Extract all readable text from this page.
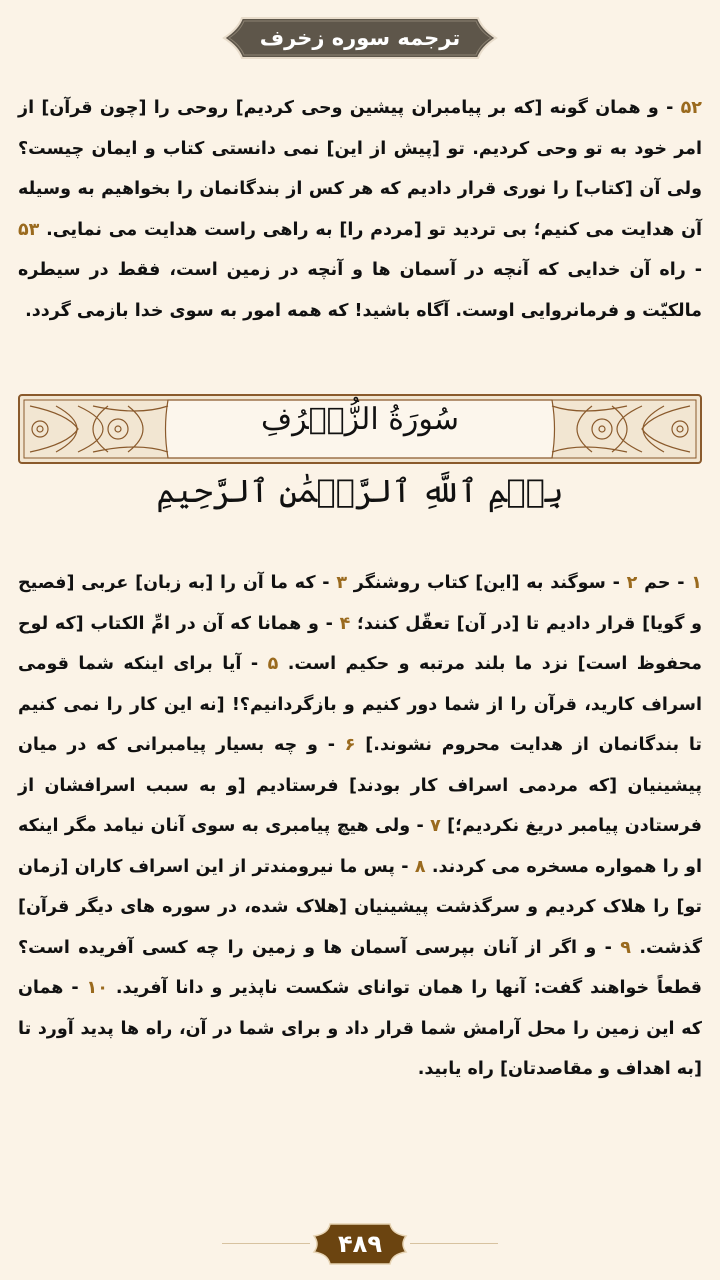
ترجمه سوره زخرف

۵۲ - و همان گونه [که بر پیامبران پیشین وحی کردیم] روحی را [چون قرآن] از امر خود به تو وحی کردیم. تو [پیش از این] نمی دانستی کتاب و ایمان چیست؟ ولی آن [کتاب] را نوری قرار دادیم که هر کس از بندگانمان را بخواهیم به وسیله آن هدایت می کنیم؛ بی تردید تو [مردم را] به راهی راست هدایت می نمایی. ۵۳ - راه آن خدایی که آنچه در آسمان ها و آنچه در زمین است، فقط در سیطره مالکیّت و فرمانروایی اوست. آگاه باشید! که همه امور به سوی خدا بازمی گردد.

سُورَةُ الزُّخۡرُفِ
بِسۡمِ ٱللَّهِ ٱلرَّحۡمَٰنِ ٱلرَّحِيمِ

۱ - حم ۲ - سوگند به [این] کتاب روشنگر ۳ - که ما آن را [به زبان] عربی [فصیح و گویا] قرار دادیم تا [در آن] تعقّل کنند؛ ۴ - و همانا که آن در امِّ الکتاب [که لوح محفوظ است] نزد ما بلند مرتبه و حکیم است. ۵ - آیا برای اینکه شما قومی اسراف کارید، قرآن را از شما دور کنیم و بازگردانیم؟! [نه این کار را نمی کنیم تا بندگانمان از هدایت محروم نشوند.] ۶ - و چه بسیار پیامبرانی که در میان پیشینیان [که مردمی اسراف کار بودند] فرستادیم [و به سبب اسرافشان از فرستادن پیامبر دریغ نکردیم؛] ۷ - ولی هیچ پیامبری به سوی آنان نیامد مگر اینکه او را همواره مسخره می کردند. ۸ - پس ما نیرومندتر از این اسراف کاران [زمان تو] را هلاک کردیم و سرگذشت پیشینیان [هلاک شده، در سوره های دیگر قرآن] گذشت. ۹ - و اگر از آنان بپرسی آسمان ها و زمین را چه کسی آفریده است؟ قطعاً خواهند گفت: آنها را همان توانای شکست ناپذیر و دانا آفرید. ۱۰ - همان که این زمین را محل آرامش شما قرار داد و برای شما در آن، راه ها پدید آورد تا [به اهداف و مقاصدتان] راه یابید.

۴۸۹
